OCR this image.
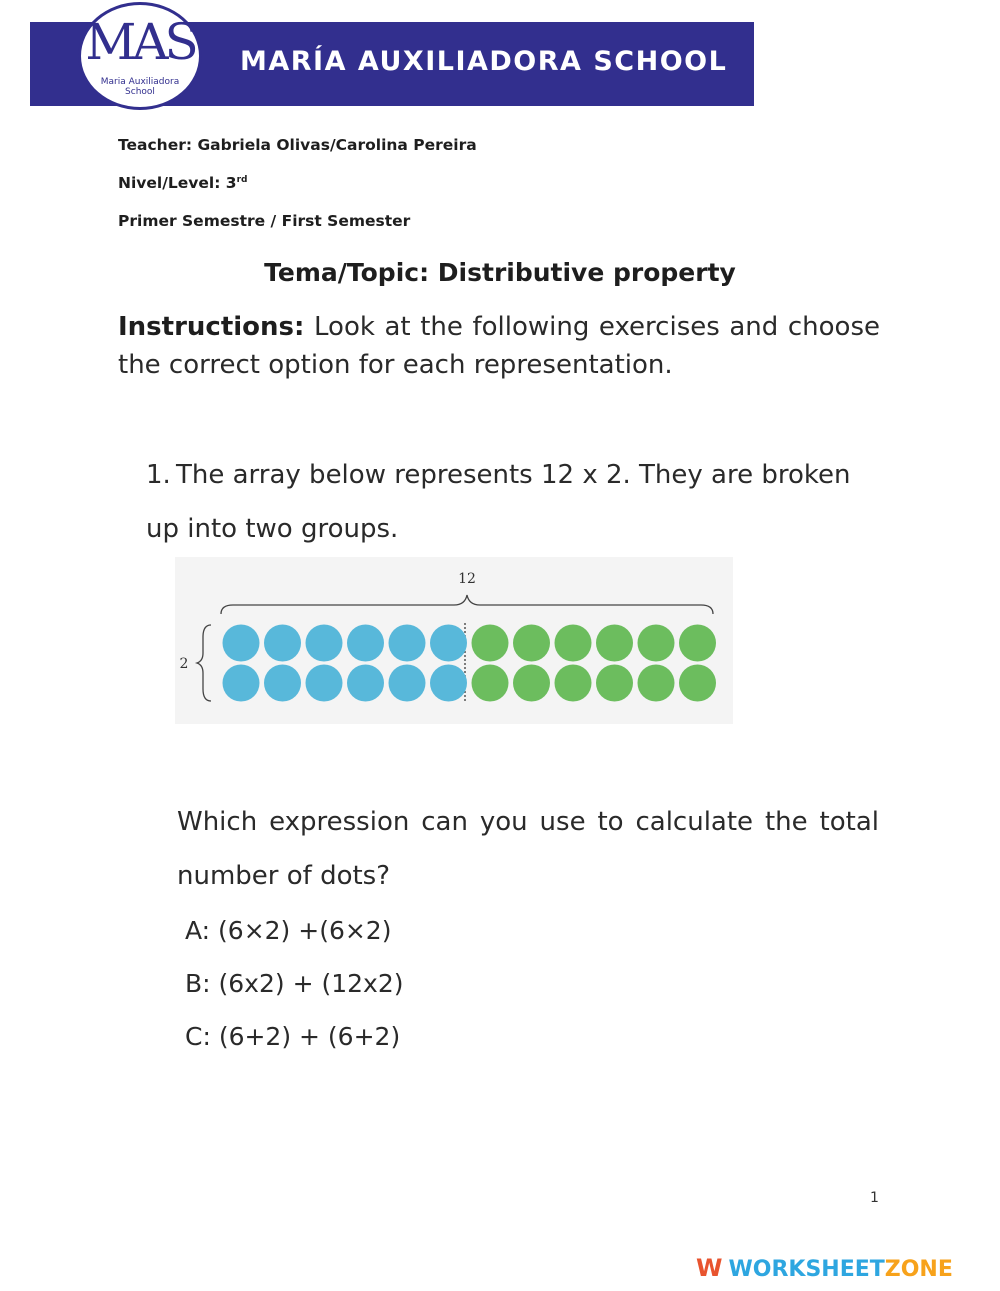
MARÍA AUXILIADORA SCHOOL
MAS
Maria Auxiliadora
School
Teacher: Gabriela Olivas/Carolina Pereira
Nivel/Level: 3rd
Primer Semestre / First Semester
Tema/Topic: Distributive property
Instructions: Look at the following exercises and choose the correct option for each representation.
1. The array below represents 12 x 2. They are broken up into two groups.
12
2
Which expression can you use to calculate the total number of dots?
A: (6×2) +(6×2)
B: (6x2) + (12x2)
C: (6+2) + (6+2)
1
W WORKSHEETZONE
